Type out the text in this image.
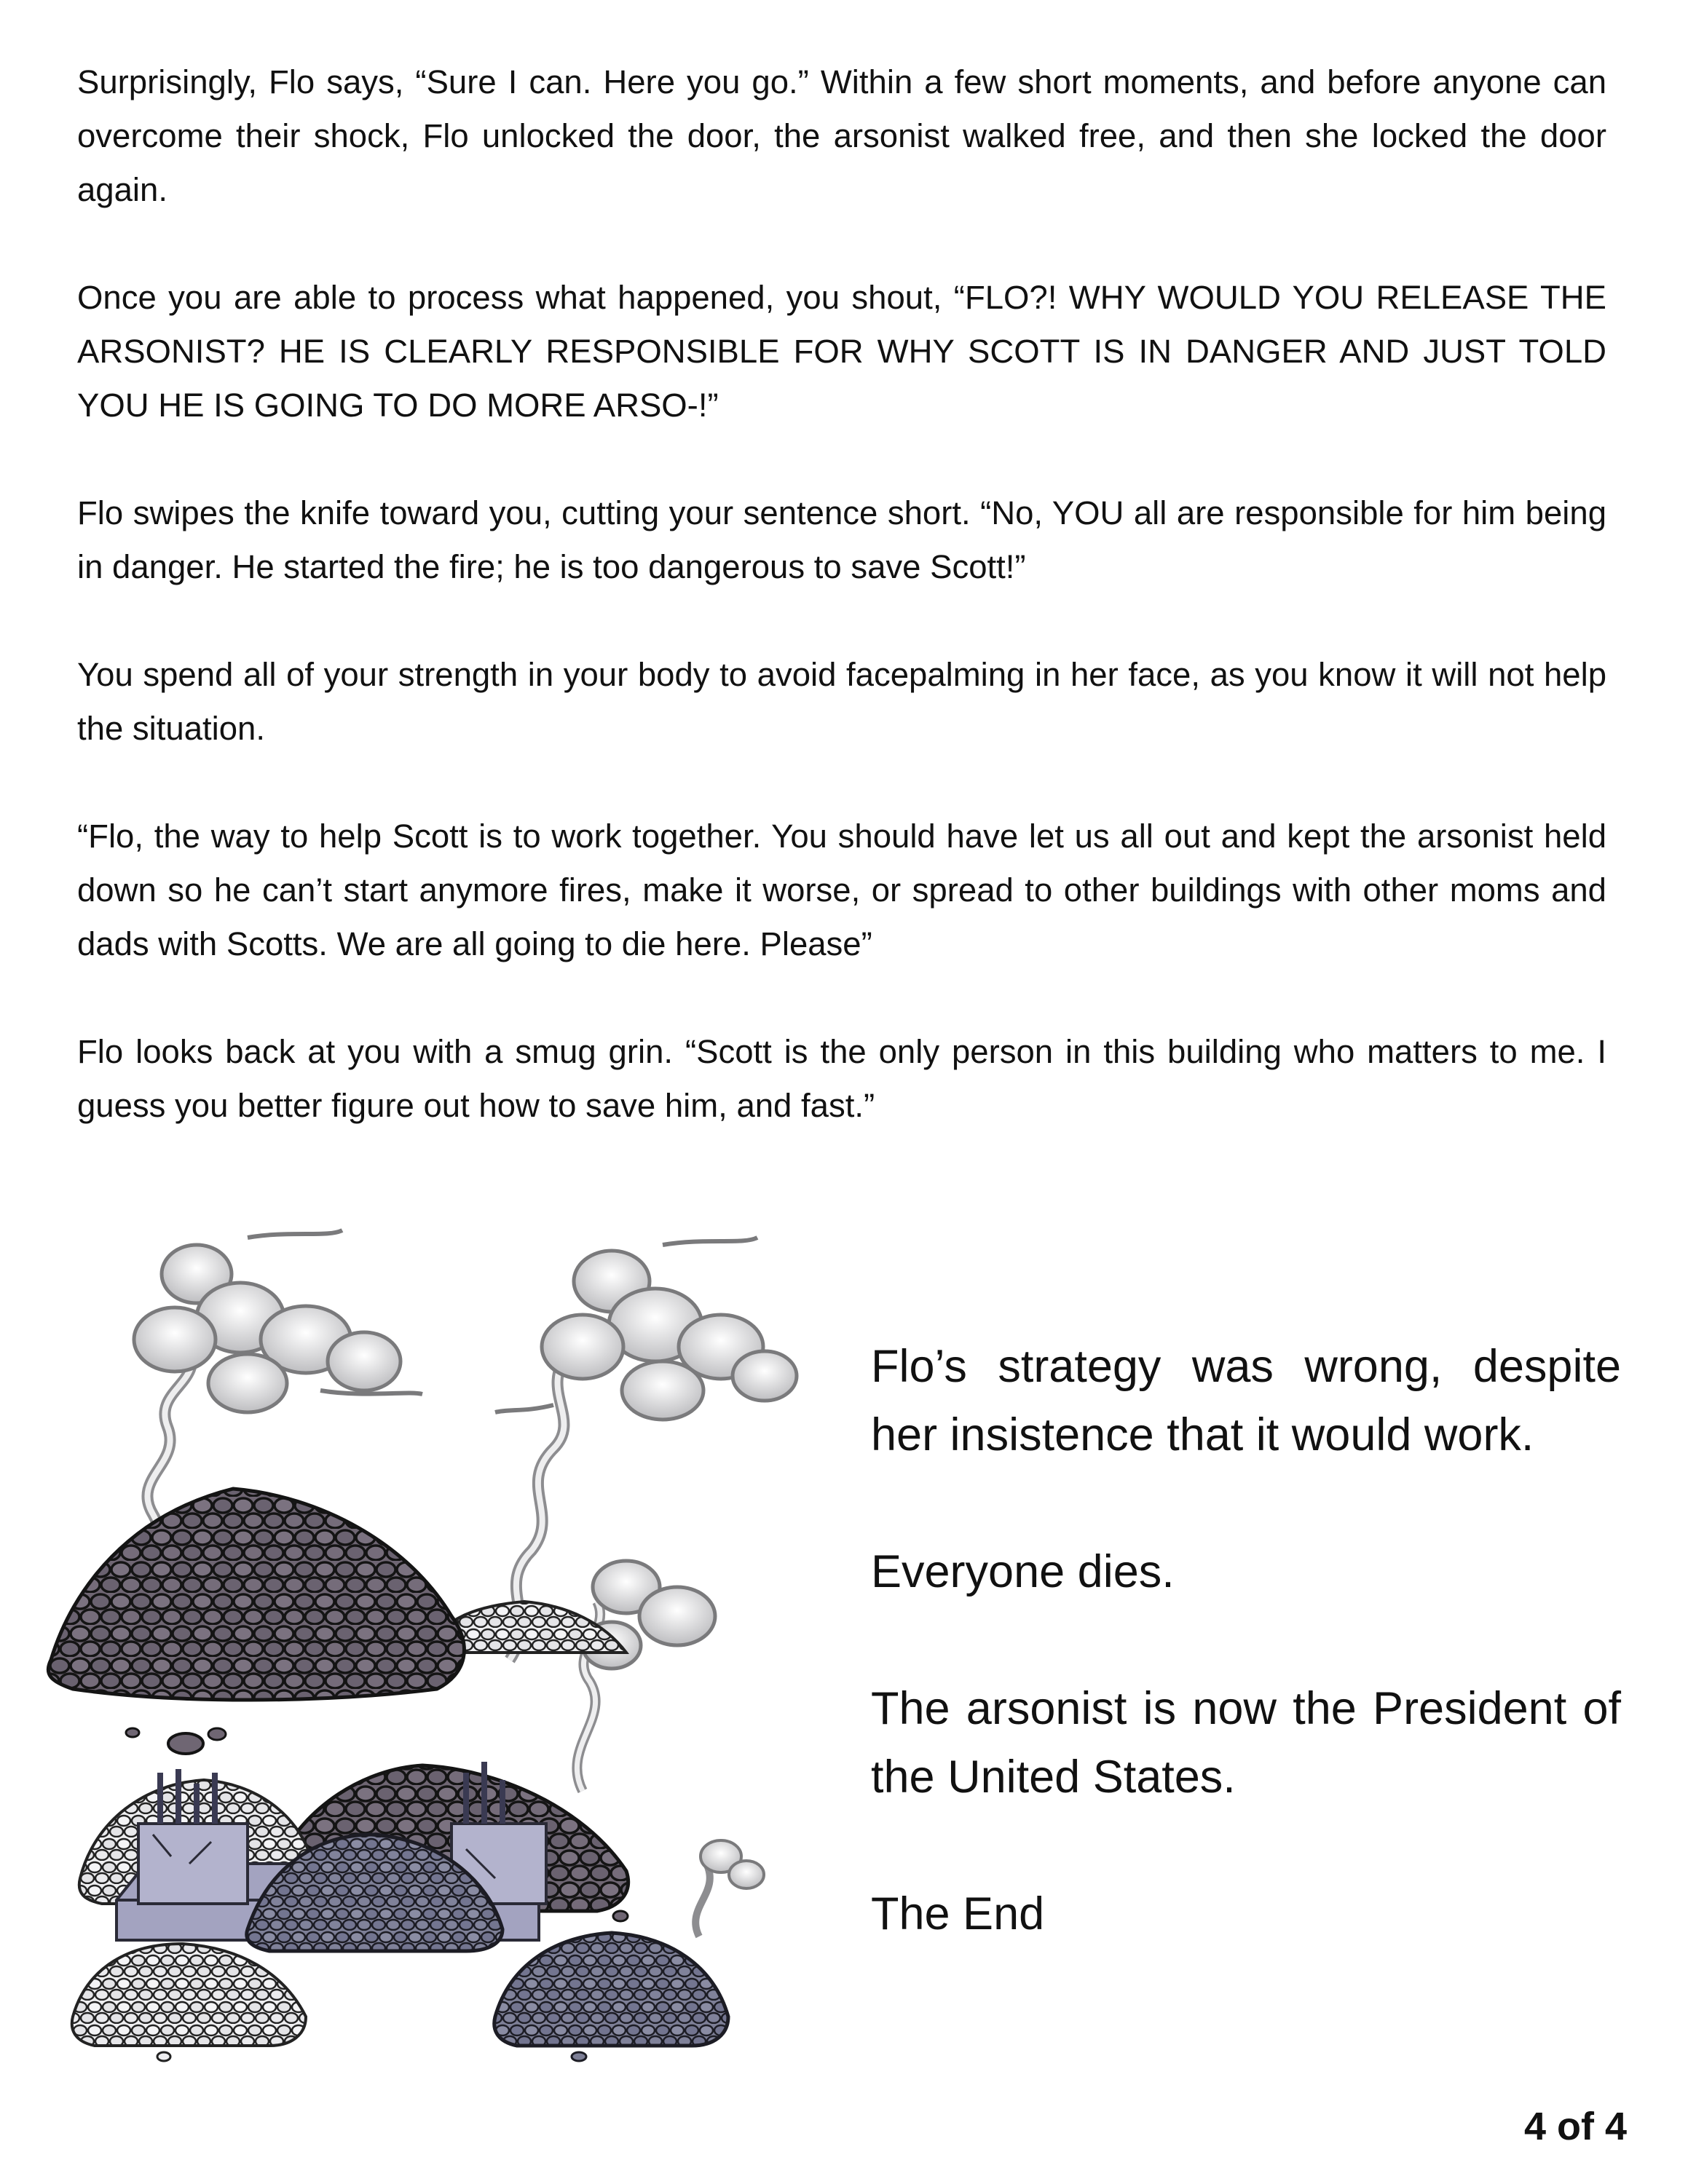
Surprisingly, Flo says, “Sure I can. Here you go.” Within a few short moments, and before anyone can overcome their shock, Flo unlocked the door, the arsonist walked free, and then she locked the door again.

Once you are able to process what happened, you shout, “FLO?! WHY WOULD YOU RELEASE THE ARSONIST? HE IS CLEARLY RESPONSIBLE FOR WHY SCOTT IS IN DANGER AND JUST TOLD YOU HE IS GOING TO DO MORE ARSO-!”

Flo swipes the knife toward you, cutting your sentence short. “No, YOU all are responsible for him being in danger. He started the fire; he is too dangerous to save Scott!”

You spend all of your strength in your body to avoid facepalming in her face, as you know it will not help the situation.

“Flo, the way to help Scott is to work together. You should have let us all out and kept the arsonist held down so he can’t start anymore fires, make it worse, or spread to other buildings with other moms and dads with Scotts. We are all going to die here. Please”

Flo looks back at you with a smug grin. “Scott is the only person in this building who matters to me. I guess you better figure out how to save him, and fast.”

Flo’s strategy was wrong, despite her insistence that it would work.

Everyone dies.

The arsonist is now the President of the United States.

The End

4 of 4
